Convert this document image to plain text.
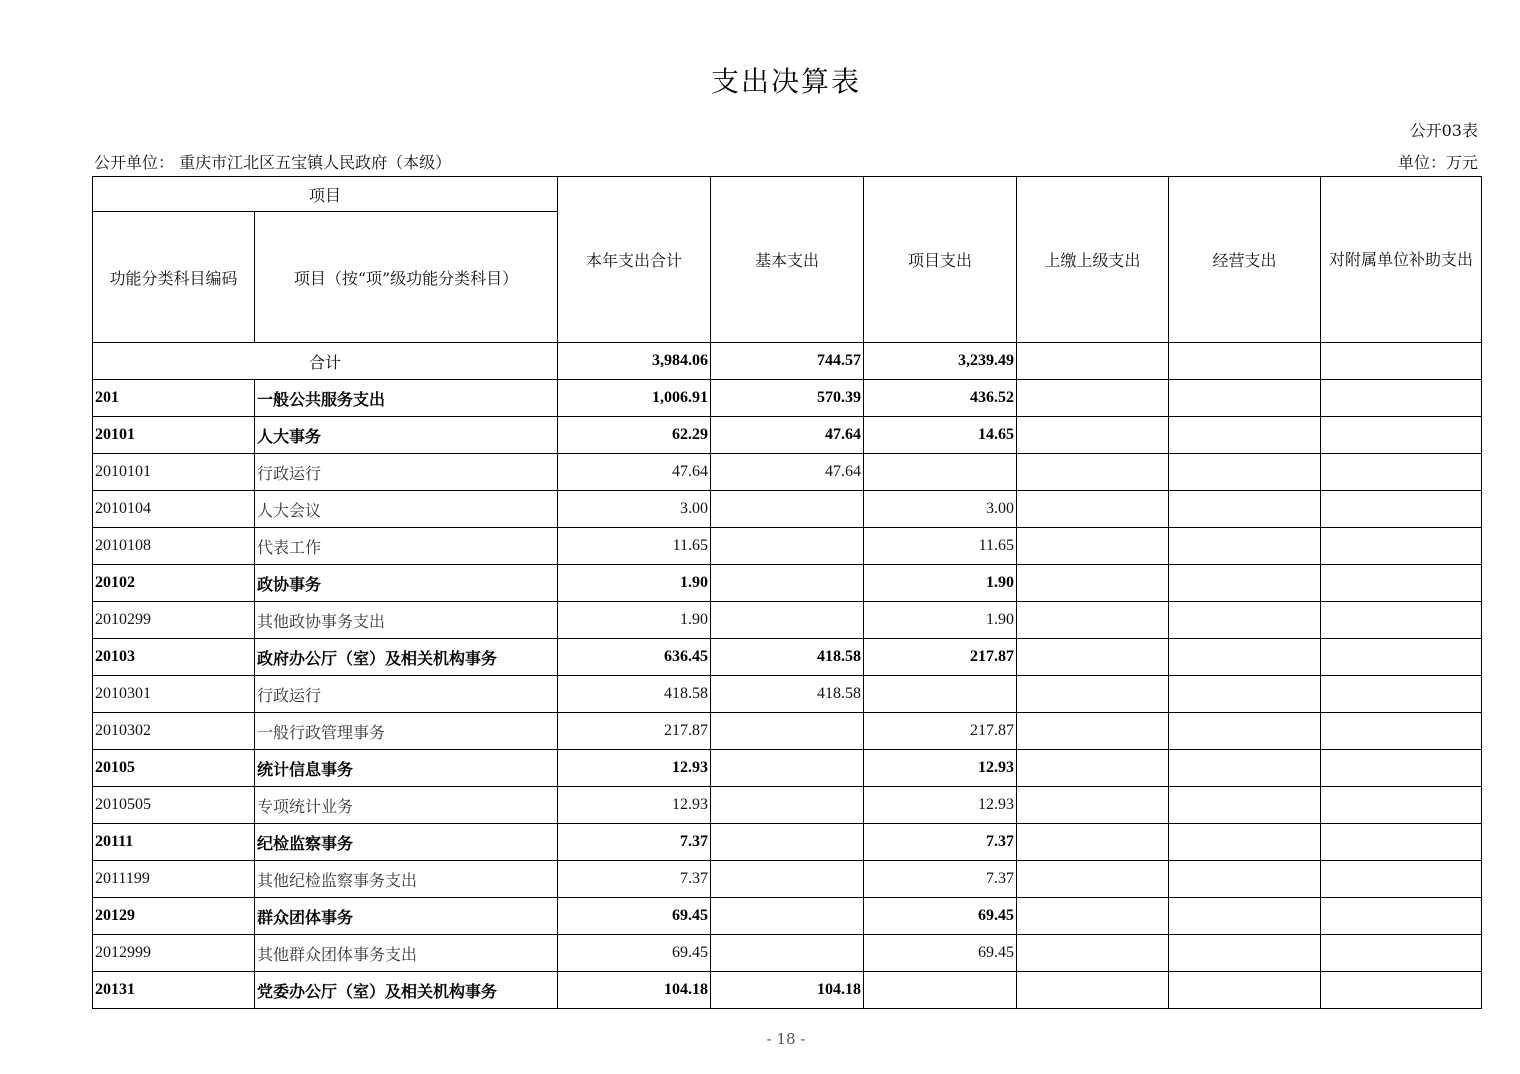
支出决算表
公开03表
公开单位： 重庆市江北区五宝镇人民政府（本级）	单位：万元
项目		本年支出合计	基本支出	项目支出	上缴上级支出	经营支出	对附属单位补助支出
功能分类科目编码	项目（按“项”级功能分类科目）						
合计		3,984.06	744.57	3,239.49			
201	一般公共服务支出	1,006.91	570.39	436.52			
20101	人大事务	62.29	47.64	14.65			
2010101	行政运行	47.64	47.64				
2010104	人大会议	3.00		3.00			
2010108	代表工作	11.65		11.65			
20102	政协事务	1.90		1.90			
2010299	其他政协事务支出	1.90		1.90			
20103	政府办公厅（室）及相关机构事务	636.45	418.58	217.87			
2010301	行政运行	418.58	418.58				
2010302	一般行政管理事务	217.87		217.87			
20105	统计信息事务	12.93		12.93			
2010505	专项统计业务	12.93		12.93			
20111	纪检监察事务	7.37		7.37			
2011199	其他纪检监察事务支出	7.37		7.37			
20129	群众团体事务	69.45		69.45			
2012999	其他群众团体事务支出	69.45		69.45			
20131	党委办公厅（室）及相关机构事务	104.18	104.18				
- 18 -
